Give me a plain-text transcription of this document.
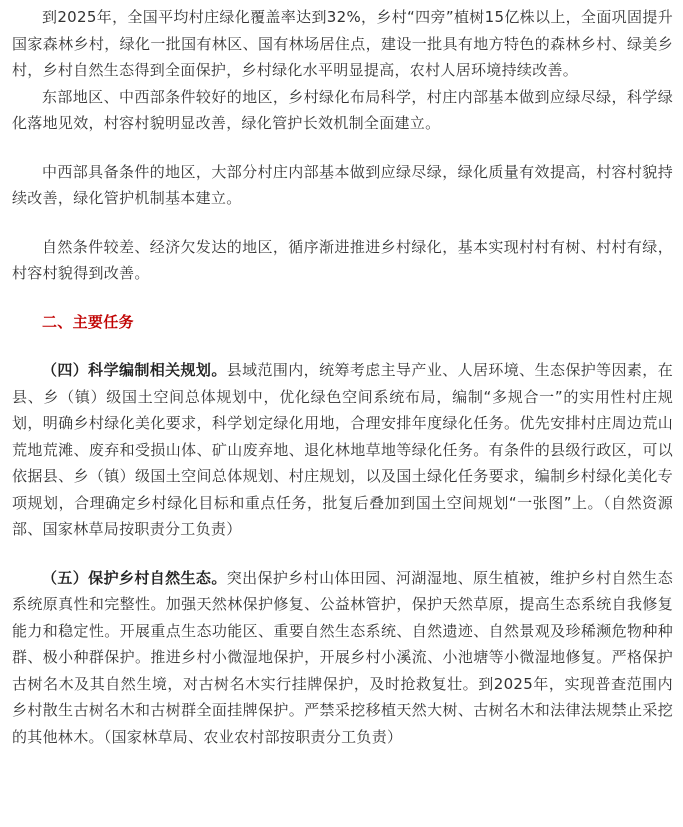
到2025年，全国平均村庄绿化覆盖率达到32%，乡村“四旁”植树15亿株以上，全面巩固提升国家森林乡村，绿化一批国有林区、国有林场居住点，建设一批具有地方特色的森林乡村、绿美乡村，乡村自然生态得到全面保护，乡村绿化水平明显提高，农村人居环境持续改善。

东部地区、中西部条件较好的地区，乡村绿化布局科学，村庄内部基本做到应绿尽绿，科学绿化落地见效，村容村貌明显改善，绿化管护长效机制全面建立。

中西部具备条件的地区，大部分村庄内部基本做到应绿尽绿，绿化质量有效提高，村容村貌持续改善，绿化管护机制基本建立。

自然条件较差、经济欠发达的地区，循序渐进推进乡村绿化，基本实现村村有树、村村有绿，村容村貌得到改善。

二、主要任务

（四）科学编制相关规划。县域范围内，统筹考虑主导产业、人居环境、生态保护等因素，在县、乡（镇）级国土空间总体规划中，优化绿色空间系统布局，编制“多规合一”的实用性村庄规划，明确乡村绿化美化要求，科学划定绿化用地，合理安排年度绿化任务。优先安排村庄周边荒山荒地荒滩、废弃和受损山体、矿山废弃地、退化林地草地等绿化任务。有条件的县级行政区，可以依据县、乡（镇）级国土空间总体规划、村庄规划，以及国土绿化任务要求，编制乡村绿化美化专项规划，合理确定乡村绿化目标和重点任务，批复后叠加到国土空间规划“一张图”上。（自然资源部、国家林草局按职责分工负责）

（五）保护乡村自然生态。突出保护乡村山体田园、河湖湿地、原生植被，维护乡村自然生态系统原真性和完整性。加强天然林保护修复、公益林管护，保护天然草原，提高生态系统自我修复能力和稳定性。开展重点生态功能区、重要自然生态系统、自然遗迹、自然景观及珍稀濒危物种种群、极小种群保护。推进乡村小微湿地保护，开展乡村小溪流、小池塘等小微湿地修复。严格保护古树名木及其自然生境，对古树名木实行挂牌保护，及时抢救复壮。到2025年，实现普查范围内乡村散生古树名木和古树群全面挂牌保护。严禁采挖移植天然大树、古树名木和法律法规禁止采挖的其他林木。（国家林草局、农业农村部按职责分工负责）
